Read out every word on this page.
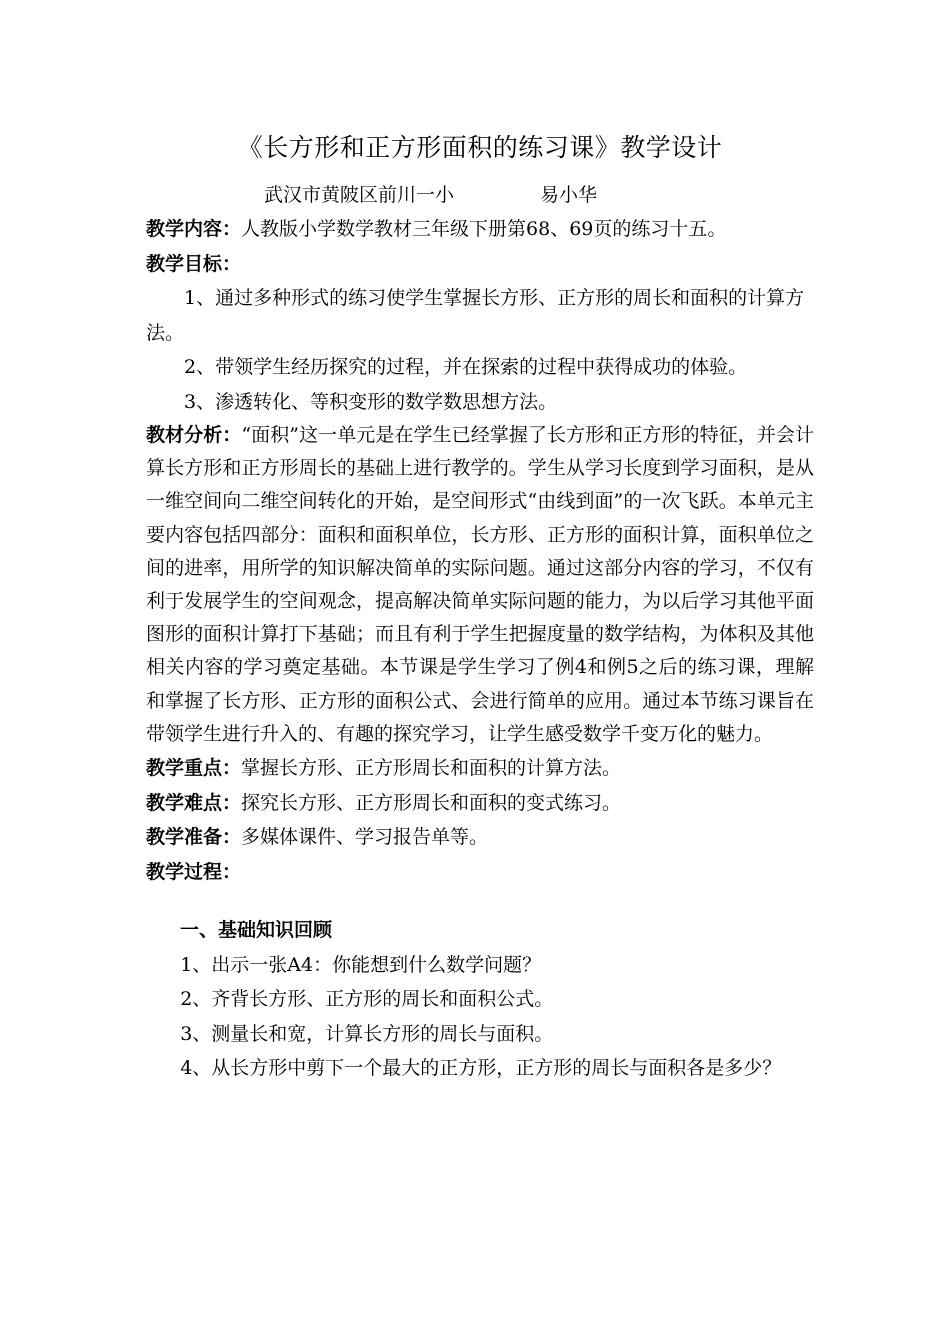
《长方形和正方形面积的练习课》教学设计
武汉市黄陂区前川一小	易小华

教学内容：人教版小学数学教材三年级下册第68、69页的练习十五。

教学目标：

1、通过多种形式的练习使学生掌握长方形、正方形的周长和面积的计算方法。

2、带领学生经历探究的过程，并在探索的过程中获得成功的体验。

3、渗透转化、等积变形的数学数思想方法。

教材分析：“面积”这一单元是在学生已经掌握了长方形和正方形的特征，并会计算长方形和正方形周长的基础上进行教学的。学生从学习长度到学习面积，是从一维空间向二维空间转化的开始，是空间形式“由线到面”的一次飞跃。本单元主要内容包括四部分：面积和面积单位，长方形、正方形的面积计算，面积单位之间的进率，用所学的知识解决简单的实际问题。通过这部分内容的学习，不仅有利于发展学生的空间观念，提高解决简单实际问题的能力，为以后学习其他平面图形的面积计算打下基础；而且有利于学生把握度量的数学结构，为体积及其他相关内容的学习奠定基础。本节课是学生学习了例4和例5之后的练习课，理解和掌握了长方形、正方形的面积公式、会进行简单的应用。通过本节练习课旨在带领学生进行升入的、有趣的探究学习，让学生感受数学千变万化的魅力。

教学重点：掌握长方形、正方形周长和面积的计算方法。

教学难点：探究长方形、正方形周长和面积的变式练习。

教学准备：多媒体课件、学习报告单等。

教学过程：

一、基础知识回顾

1、出示一张A4：你能想到什么数学问题？

2、齐背长方形、正方形的周长和面积公式。

3、测量长和宽，计算长方形的周长与面积。

4、从长方形中剪下一个最大的正方形，正方形的周长与面积各是多少？
